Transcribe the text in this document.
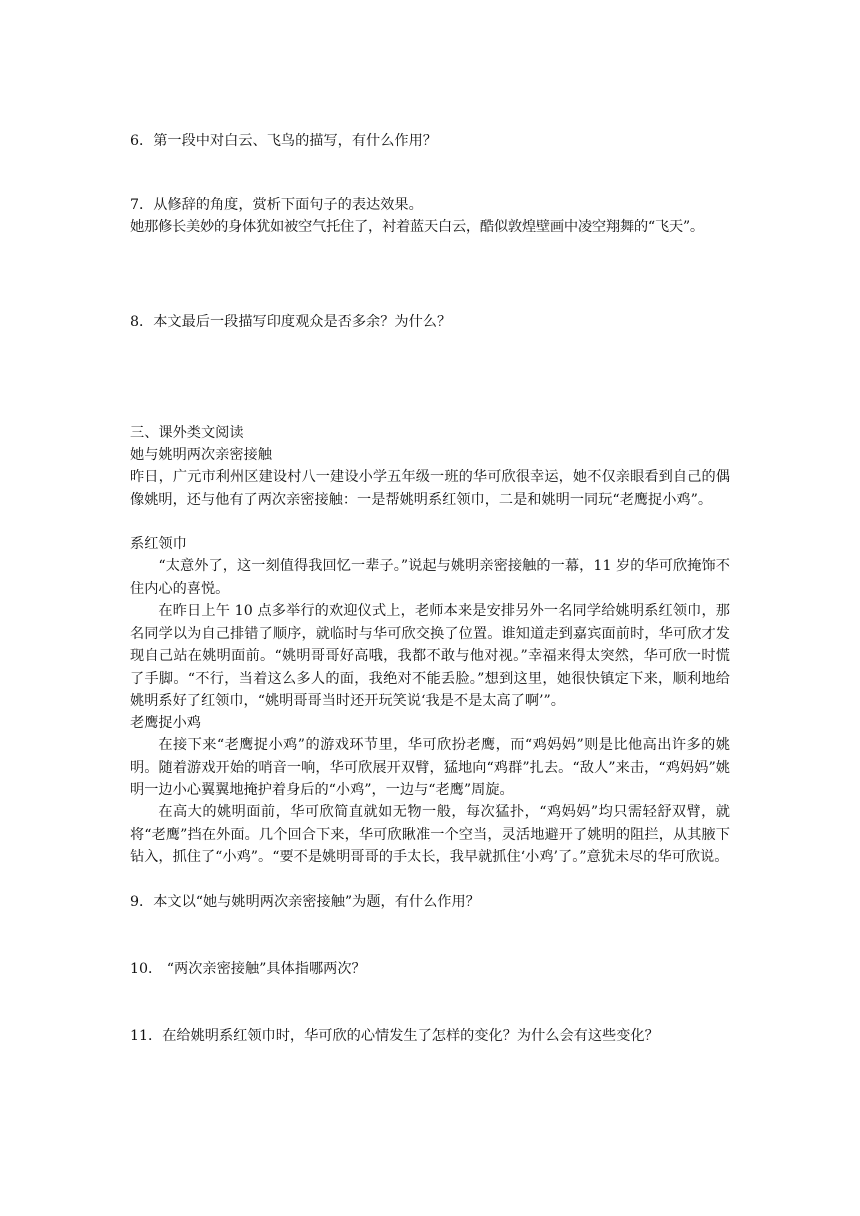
6．第一段中对白云、飞鸟的描写，有什么作用？
7．从修辞的角度，赏析下面句子的表达效果。
她那修长美妙的身体犹如被空气托住了，衬着蓝天白云，酷似敦煌壁画中凌空翔舞的“飞天”。
8．本文最后一段描写印度观众是否多余？为什么？
三、课外类文阅读
她与姚明两次亲密接触
昨日，广元市利州区建设村八一建设小学五年级一班的华可欣很幸运，她不仅亲眼看到自己的偶像姚明，还与他有了两次亲密接触：一是帮姚明系红领巾，二是和姚明一同玩“老鹰捉小鸡”。
系红领巾
“太意外了，这一刻值得我回忆一辈子。”说起与姚明亲密接触的一幕，11 岁的华可欣掩饰不住内心的喜悦。
在昨日上午 10 点多举行的欢迎仪式上，老师本来是安排另外一名同学给姚明系红领巾，那名同学以为自己排错了顺序，就临时与华可欣交换了位置。谁知道走到嘉宾面前时，华可欣才发现自己站在姚明面前。“姚明哥哥好高哦，我都不敢与他对视。”幸福来得太突然，华可欣一时慌了手脚。“不行，当着这么多人的面，我绝对不能丢脸。”想到这里，她很快镇定下来，顺利地给姚明系好了红领巾，“姚明哥哥当时还开玩笑说‘我是不是太高了啊’”。
老鹰捉小鸡
在接下来“老鹰捉小鸡”的游戏环节里，华可欣扮老鹰，而“鸡妈妈”则是比他高出许多的姚明。随着游戏开始的哨音一响，华可欣展开双臂，猛地向“鸡群”扎去。“敌人”来击，“鸡妈妈”姚明一边小心翼翼地掩护着身后的“小鸡”，一边与“老鹰”周旋。
在高大的姚明面前，华可欣简直就如无物一般，每次猛扑，“鸡妈妈”均只需轻舒双臂，就将“老鹰”挡在外面。几个回合下来，华可欣瞅准一个空当，灵活地避开了姚明的阻拦，从其腋下钻入，抓住了“小鸡”。“要不是姚明哥哥的手太长，我早就抓住‘小鸡’了。”意犹未尽的华可欣说。
9．本文以“她与姚明两次亲密接触”为题，有什么作用？
10． “两次亲密接触”具体指哪两次？
11．在给姚明系红领巾时，华可欣的心情发生了怎样的变化？为什么会有这些变化？
